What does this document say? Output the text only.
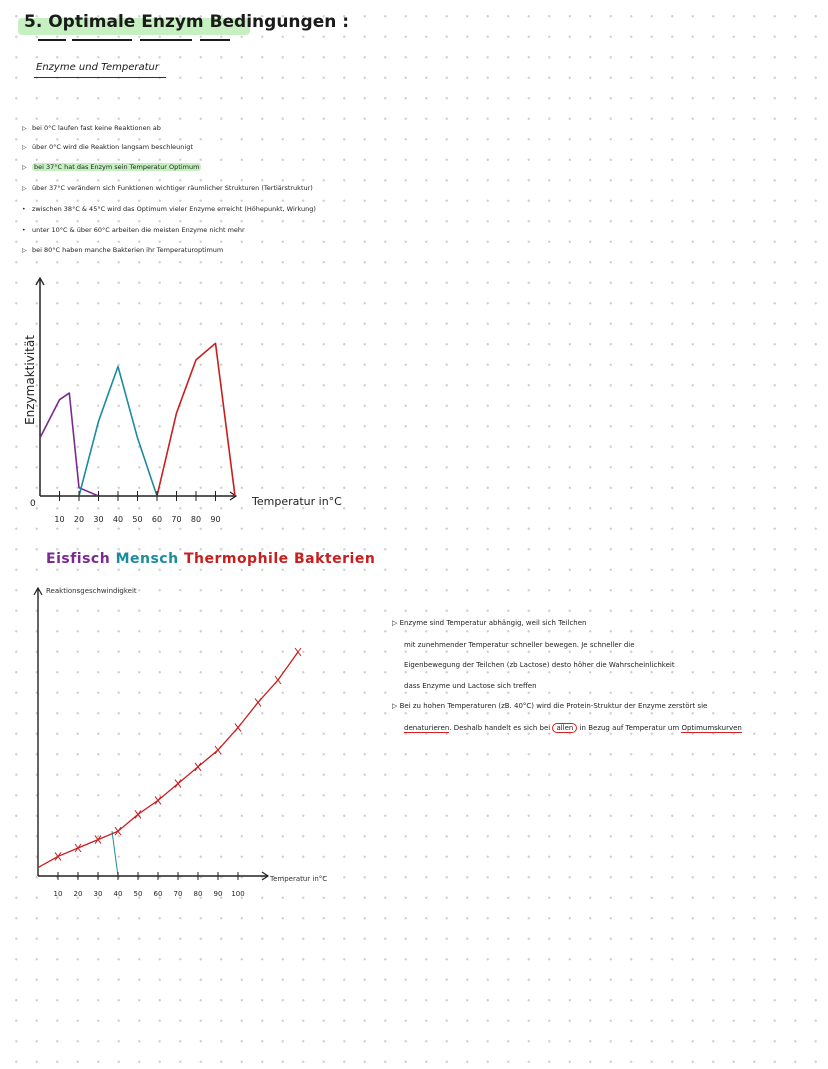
5. Optimale Enzym Bedingungen :
Enzyme und Temperatur
▷ bei 0°C laufen fast keine Reaktionen ab
▷ über 0°C wird die Reaktion langsam beschleunigt
▷ bei 37°C hat das Enzym sein Temperatur Optimum
▷ über 37°C verändern sich Funktionen wichtiger räumlicher Strukturen (Tertiärstruktur)
• zwischen 38°C & 45°C wird das Optimum vieler Enzyme erreicht (Höhepunkt, Wirkung)
• unter 10°C & über 60°C arbeiten die meisten Enzyme nicht mehr
▷ bei 80°C haben manche Bakterien ihr Temperaturoptimum
10 20 30 40 50 60 70 80 90
Enzymaktivität
Temperatur in°C
0
Eisfisch Mensch Thermophile Bakterien
10 20 30 40 50 60 70 80 90 100
Reaktionsgeschwindigkeit
Temperatur in°C
▷ Enzyme sind Temperatur abhängig, weil sich Teilchen
mit zunehmender Temperatur schneller bewegen. Je schneller die
Eigenbewegung der Teilchen (zb Lactose) desto höher die Wahrscheinlichkeit
dass Enzyme und Lactose sich treffen
▷ Bei zu hohen Temperaturen (zB. 40°C) wird die Protein-Struktur der Enzyme zerstört sie
denaturieren. Deshalb handelt es sich bei allen in Bezug auf Temperatur um Optimumskurven
